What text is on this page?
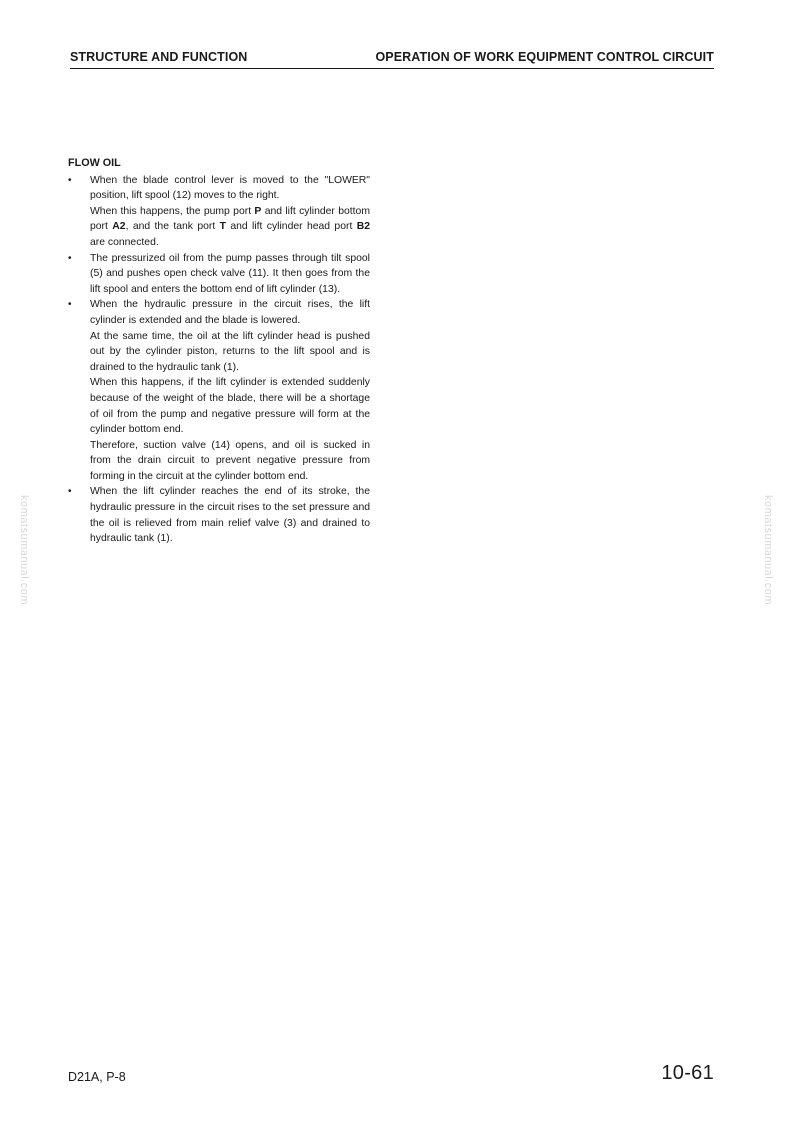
STRUCTURE AND FUNCTION	OPERATION OF WORK EQUIPMENT CONTROL CIRCUIT
FLOW OIL
•	When the blade control lever is moved to the "LOWER" position, lift spool (12) moves to the right.

When this happens, the pump port P and lift cylinder bottom port A2, and the tank port T and lift cylinder head port B2 are connected.

•	The pressurized oil from the pump passes through tilt spool (5) and pushes open check valve (11). It then goes from the lift spool and enters the bottom end of lift cylinder (13).

•	When the hydraulic pressure in the circuit rises, the lift cylinder is extended and the blade is lowered.

At the same time, the oil at the lift cylinder head is pushed out by the cylinder piston, returns to the lift spool and is drained to the hydraulic tank (1).

When this happens, if the lift cylinder is extended suddenly because of the weight of the blade, there will be a shortage of oil from the pump and negative pressure will form at the cylinder bottom end.

Therefore, suction valve (14) opens, and oil is sucked in from the drain circuit to prevent negative pressure from forming in the circuit at the cylinder bottom end.

•	When the lift cylinder reaches the end of its stroke, the hydraulic pressure in the circuit rises to the set pressure and the oil is relieved from main relief valve (3) and drained to hydraulic tank (1).

komatsumanual.com	komatsumanual.com
D21A, P-8	10-61
